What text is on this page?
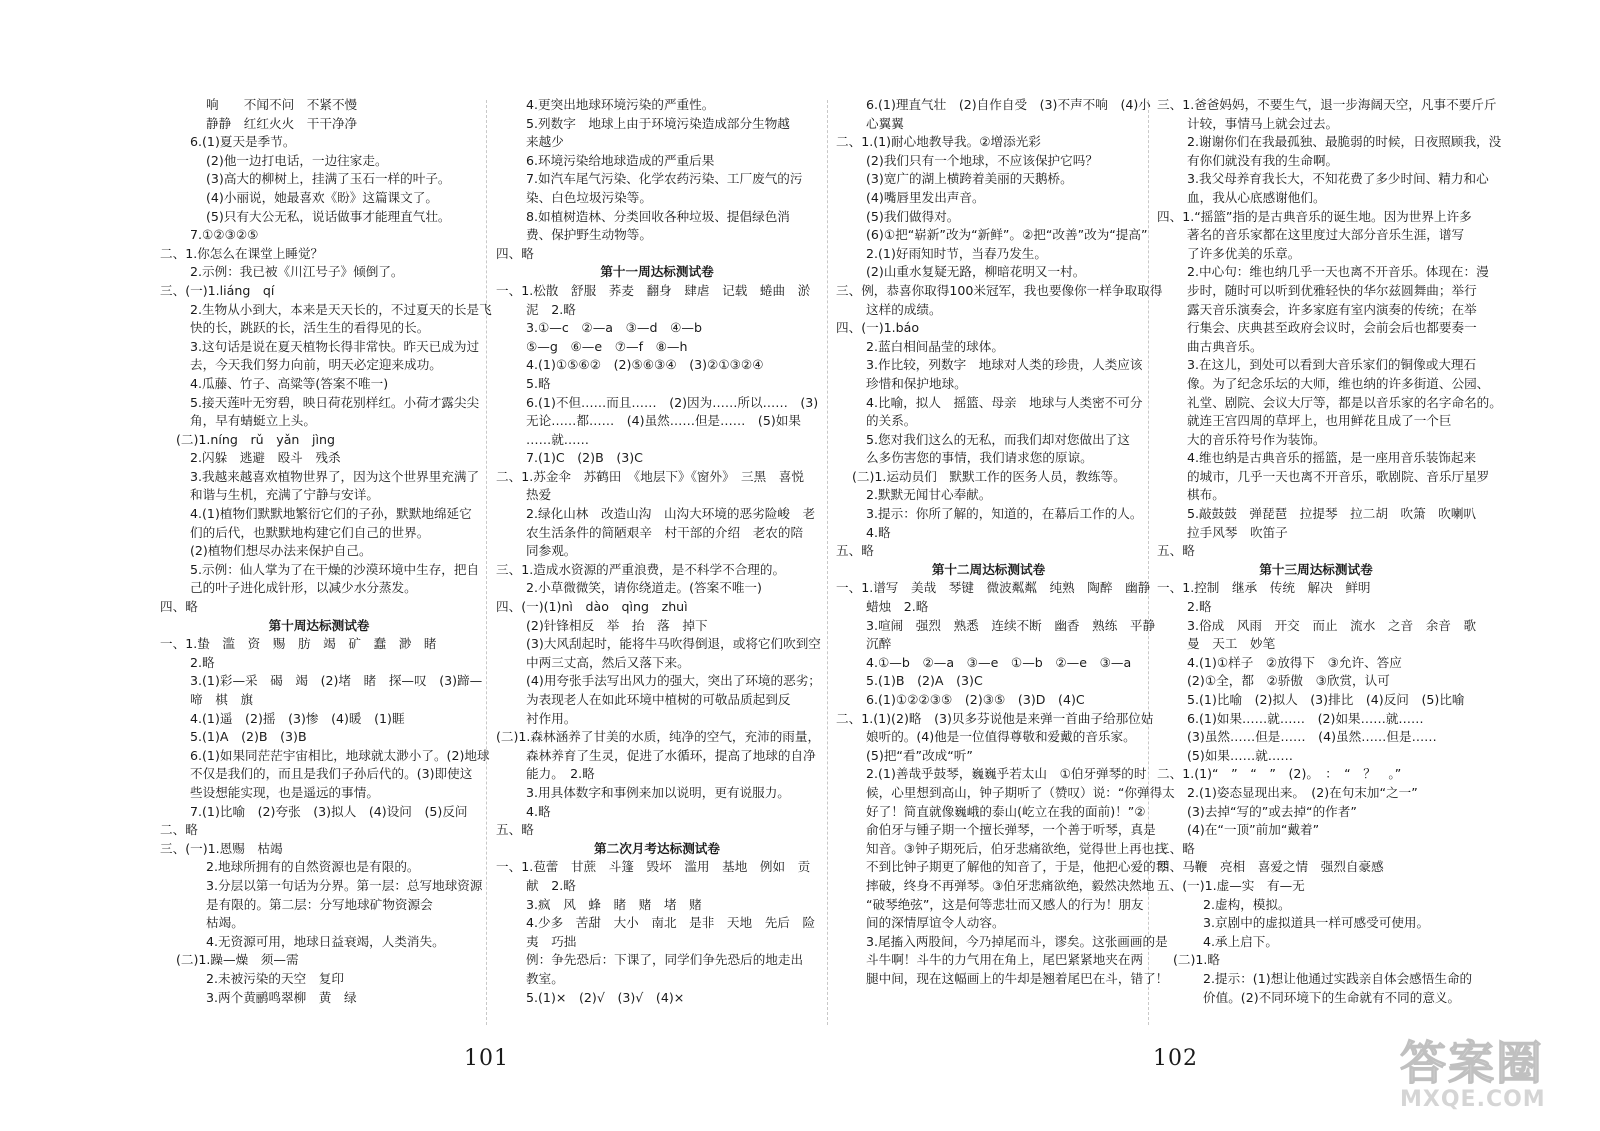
响　　不闻不问　不紧不慢
静静　红红火火　干干净净
6.(1)夏天是季节。
(2)他一边打电话，一边往家走。
(3)高大的柳树上，挂满了玉石一样的叶子。
(4)小丽说，她最喜欢《盼》这篇课文了。
(5)只有大公无私，说话做事才能理直气壮。
7.①②③②⑤
二、1.你怎么在课堂上睡觉？
2.示例：我已被《川江号子》倾倒了。
三、(一)1.liáng　qí
2.生物从小到大，本来是天天长的，不过夏天的长是飞
快的长，跳跃的长，活生生的看得见的长。
3.这句话是说在夏天植物长得非常快。昨天已成为过
去，今天我们努力向前，明天必定迎来成功。
4.瓜藤、竹子、高粱等(答案不唯一)
5.接天莲叶无穷碧，映日荷花别样红。小荷才露尖尖
角，早有蜻蜓立上头。
(二)1.níng　rǔ　yǎn　jìng
2.闪躲　逃避　殴斗　残杀
3.我越来越喜欢植物世界了，因为这个世界里充满了
和谐与生机，充满了宁静与安详。
4.(1)植物们默默地繁衍它们的子孙，默默地绵延它
们的后代，也默默地构建它们自己的世界。
(2)植物们想尽办法来保护自己。
5.示例：仙人掌为了在干燥的沙漠环境中生存，把自
己的叶子进化成针形，以减少水分蒸发。
四、略
第十周达标测试卷
一、1.蛰　滥　资　赐　肪　竭　矿　蠢　渺　睹
2.略
3.(1)彩—采　碣　竭　(2)堵　睹　探—叹　(3)蹄—
啼　棋　旗
4.(1)遥　(2)摇　(3)惨　(4)暖　(1)睚
5.(1)A　(2)B　(3)B
6.(1)如果同茫茫宇宙相比，地球就太渺小了。(2)地球
不仅是我们的，而且是我们子孙后代的。(3)即使这
些设想能实现，也是遥远的事情。
7.(1)比喻　(2)夸张　(3)拟人　(4)设问　(5)反问
二、略
三、(一)1.恩赐　枯竭
2.地球所拥有的自然资源也是有限的。
3.分层以第一句话为分界。第一层：总写地球资源
是有限的。第二层：分写地球矿物资源会
枯竭。
4.无资源可用，地球日益衰竭，人类消失。
(二)1.躁—燥　须—需
2.未被污染的天空　复印
3.两个黄鹂鸣翠柳　黄　绿
4.更突出地球环境污染的严重性。
5.列数字　地球上由于环境污染造成部分生物越
来越少
6.环境污染给地球造成的严重后果
7.如汽车尾气污染、化学农药污染、工厂废气的污
染、白色垃圾污染等。
8.如植树造林、分类回收各种垃圾、提倡绿色消
费、保护野生动物等。
四、略
第十一周达标测试卷
一、1.松散　舒服　荞麦　翻身　肆虐　记载　蜷曲　淤
泥　2.略
3.①—c　②—a　③—d　④—b
⑤—g　⑥—e　⑦—f　⑧—h
4.(1)①⑤⑥②　(2)⑤⑥③④　(3)②①③②④
5.略
6.(1)不但……而且……　(2)因为……所以……　(3)
无论……都……　(4)虽然……但是……　(5)如果
……就……
7.(1)C　(2)B　(3)C
二、1.苏金伞　苏鹤田　《地层下》《窗外》　三黑　喜悦
热爱
2.绿化山林　改造山沟　山沟大环境的恶劣险峻　老
农生活条件的简陋艰辛　村干部的介绍　老农的陪
同参观。
三、1.造成水资源的严重浪费，是不科学不合理的。
2.小草微微笑，请你绕道走。(答案不唯一)
四、(一)(1)nì　dào　qìng　zhuì
(2)针锋相反　举　抬　落　掉下
(3)大风刮起时，能将牛马吹得倒退，或将它们吹到空
中两三丈高，然后又落下来。
(4)用夸张手法写出风力的强大，突出了环境的恶劣；
为表现老人在如此环境中植树的可敬品质起到反
衬作用。
(二)1.森林涵养了甘美的水质，纯净的空气，充沛的雨量，
森林养育了生灵，促进了水循环，提高了地球的自净
能力。　2.略
3.用具体数字和事例来加以说明，更有说服力。
4.略
五、略
第二次月考达标测试卷
一、1.苞蕾　甘蔗　斗篷　毁坏　滥用　基地　例如　贡
献　2.略
3.疯　风　蜂　睹　赌　堵　赌
4.少多　苦甜　大小　南北　是非　天地　先后　险
夷　巧拙
例：争先恐后：下课了，同学们争先恐后的地走出
教室。
5.(1)×　(2)√　(3)√　(4)×
6.(1)理直气壮　(2)自作自受　(3)不声不响　(4)小
心翼翼
二、1.(1)耐心地教导我。②增添光彩
(2)我们只有一个地球，不应该保护它吗？
(3)宽广的湖上横跨着美丽的天鹅桥。
(4)嘴唇里发出声音。
(5)我们做得对。
(6)①把“崭新”改为“新鲜”。②把“改善”改为“提高”
2.(1)好雨知时节，当春乃发生。
(2)山重水复疑无路，柳暗花明又一村。
三、例，恭喜你取得100米冠军，我也要像你一样争取取得
这样的成绩。
四、(一)1.báo
2.蓝白相间晶莹的球体。
3.作比较，列数字　地球对人类的珍贵，人类应该
珍惜和保护地球。
4.比喻，拟人　摇篮、母亲　地球与人类密不可分
的关系。
5.您对我们这么的无私，而我们却对您做出了这
么多伤害您的事情，我们请求您的原谅。
(二)1.运动员们　默默工作的医务人员，教练等。
2.默默无闻甘心奉献。
3.提示：你所了解的，知道的，在幕后工作的人。
4.略
五、略
第十二周达标测试卷
一、1.谱写　美哉　琴键　微波粼粼　纯熟　陶醉　幽静
蜡烛　2.略
3.喧闹　强烈　熟悉　连续不断　幽香　熟练　平静
沉醉
4.①—b　②—a　③—e　①—b　②—e　③—a
5.(1)B　(2)A　(3)C
6.(1)①②②③⑤　(2)③⑤　(3)D　(4)C
二、1.(1)(2)略　(3)贝多芬说他是来弹一首曲子给那位姑
娘听的。(4)他是一位值得尊敬和爱戴的音乐家。
(5)把“看”改成“听”
2.(1)善哉乎鼓琴，巍巍乎若太山　①伯牙弹琴的时
候，心里想到高山，钟子期听了（赞叹）说：“你弹得太
好了！简直就像巍峨的泰山(屹立在我的面前)！”②
俞伯牙与锺子期一个擅长弹琴，一个善于听琴，真是
知音。③钟子期死后，伯牙悲痛欲绝，觉得世上再也找
不到比钟子期更了解他的知音了，于是，他把心爱的琴
摔破，终身不再弹琴。③伯牙悲痛欲绝，毅然决然地
“破琴绝弦”，这是何等悲壮而又感人的行为！朋友
间的深情厚谊令人动容。
3.尾搐入两股间，今乃掉尾而斗，谬矣。这张画画的是
斗牛啊！斗牛的力气用在角上，尾巴紧紧地夹在两
腿中间，现在这幅画上的牛却是翘着尾巴在斗，错了！
三、1.爸爸妈妈，不要生气，退一步海阔天空，凡事不要斤斤
计较，事情马上就会过去。
2.谢谢你们在我最孤独、最脆弱的时候，日夜照顾我，没
有你们就没有我的生命啊。
3.我父母养育我长大，不知花费了多少时间、精力和心
血，我从心底感谢他们。
四、1.“摇篮”指的是古典音乐的诞生地。因为世界上许多
著名的音乐家都在这里度过大部分音乐生涯，谱写
了许多优美的乐章。
2.中心句：维也纳几乎一天也离不开音乐。体现在：漫
步时，随时可以听到优雅轻快的华尔兹圆舞曲；举行
露天音乐演奏会，许多家庭有室内演奏的传统；在举
行集会、庆典甚至政府会议时，会前会后也都要奏一
曲古典音乐。
3.在这儿，到处可以看到大音乐家们的铜像或大理石
像。为了纪念乐坛的大师，维也纳的许多街道、公园、
礼堂、剧院、会议大厅等，都是以音乐家的名字命名的。
就连王宫四周的草坪上，也用鲜花且成了一个巨
大的音乐符号作为装饰。
4.维也纳是古典音乐的摇篮，是一座用音乐装饰起来
的城市，几乎一天也离不开音乐，歌剧院、音乐厅星罗
棋布。
5.敲鼓鼓　弹琵琶　拉提琴　拉二胡　吹箫　吹喇叭
拉手风琴　吹笛子
五、略
第十三周达标测试卷
一、1.控制　继承　传统　解决　鲜明
2.略
3.俗成　风雨　开交　而止　流水　之音　余音　歌
曼　天工　妙笔
4.(1)①样子　②放得下　③允许、答应
(2)①全，都　②骄傲　③欣赏，认可
5.(1)比喻　(2)拟人　(3)排比　(4)反问　(5)比喻
6.(1)如果……就……　(2)如果……就……
(3)虽然……但是……　(4)虽然……但是……
(5)如果……就……
二、1.(1)“　”　“　”　(2)。　：　“　？　。”
2.(1)姿态显现出来。　(2)在句末加“之一”
(3)去掉“写的”或去掉“的作者”
(4)在“一顶”前加“戴着”
三、略
四、马鞭　亮相　喜爱之情　强烈自豪感
五、(一)1.虚—实　有—无
2.虚构，模拟。
3.京剧中的虚拟道具一样可感受可使用。
4.承上启下。
(二)1.略
2.提示：(1)想让他通过实践亲自体会感悟生命的
价值。(2)不同环境下的生命就有不同的意义。
101	102	答案圈
MXQE.COM
